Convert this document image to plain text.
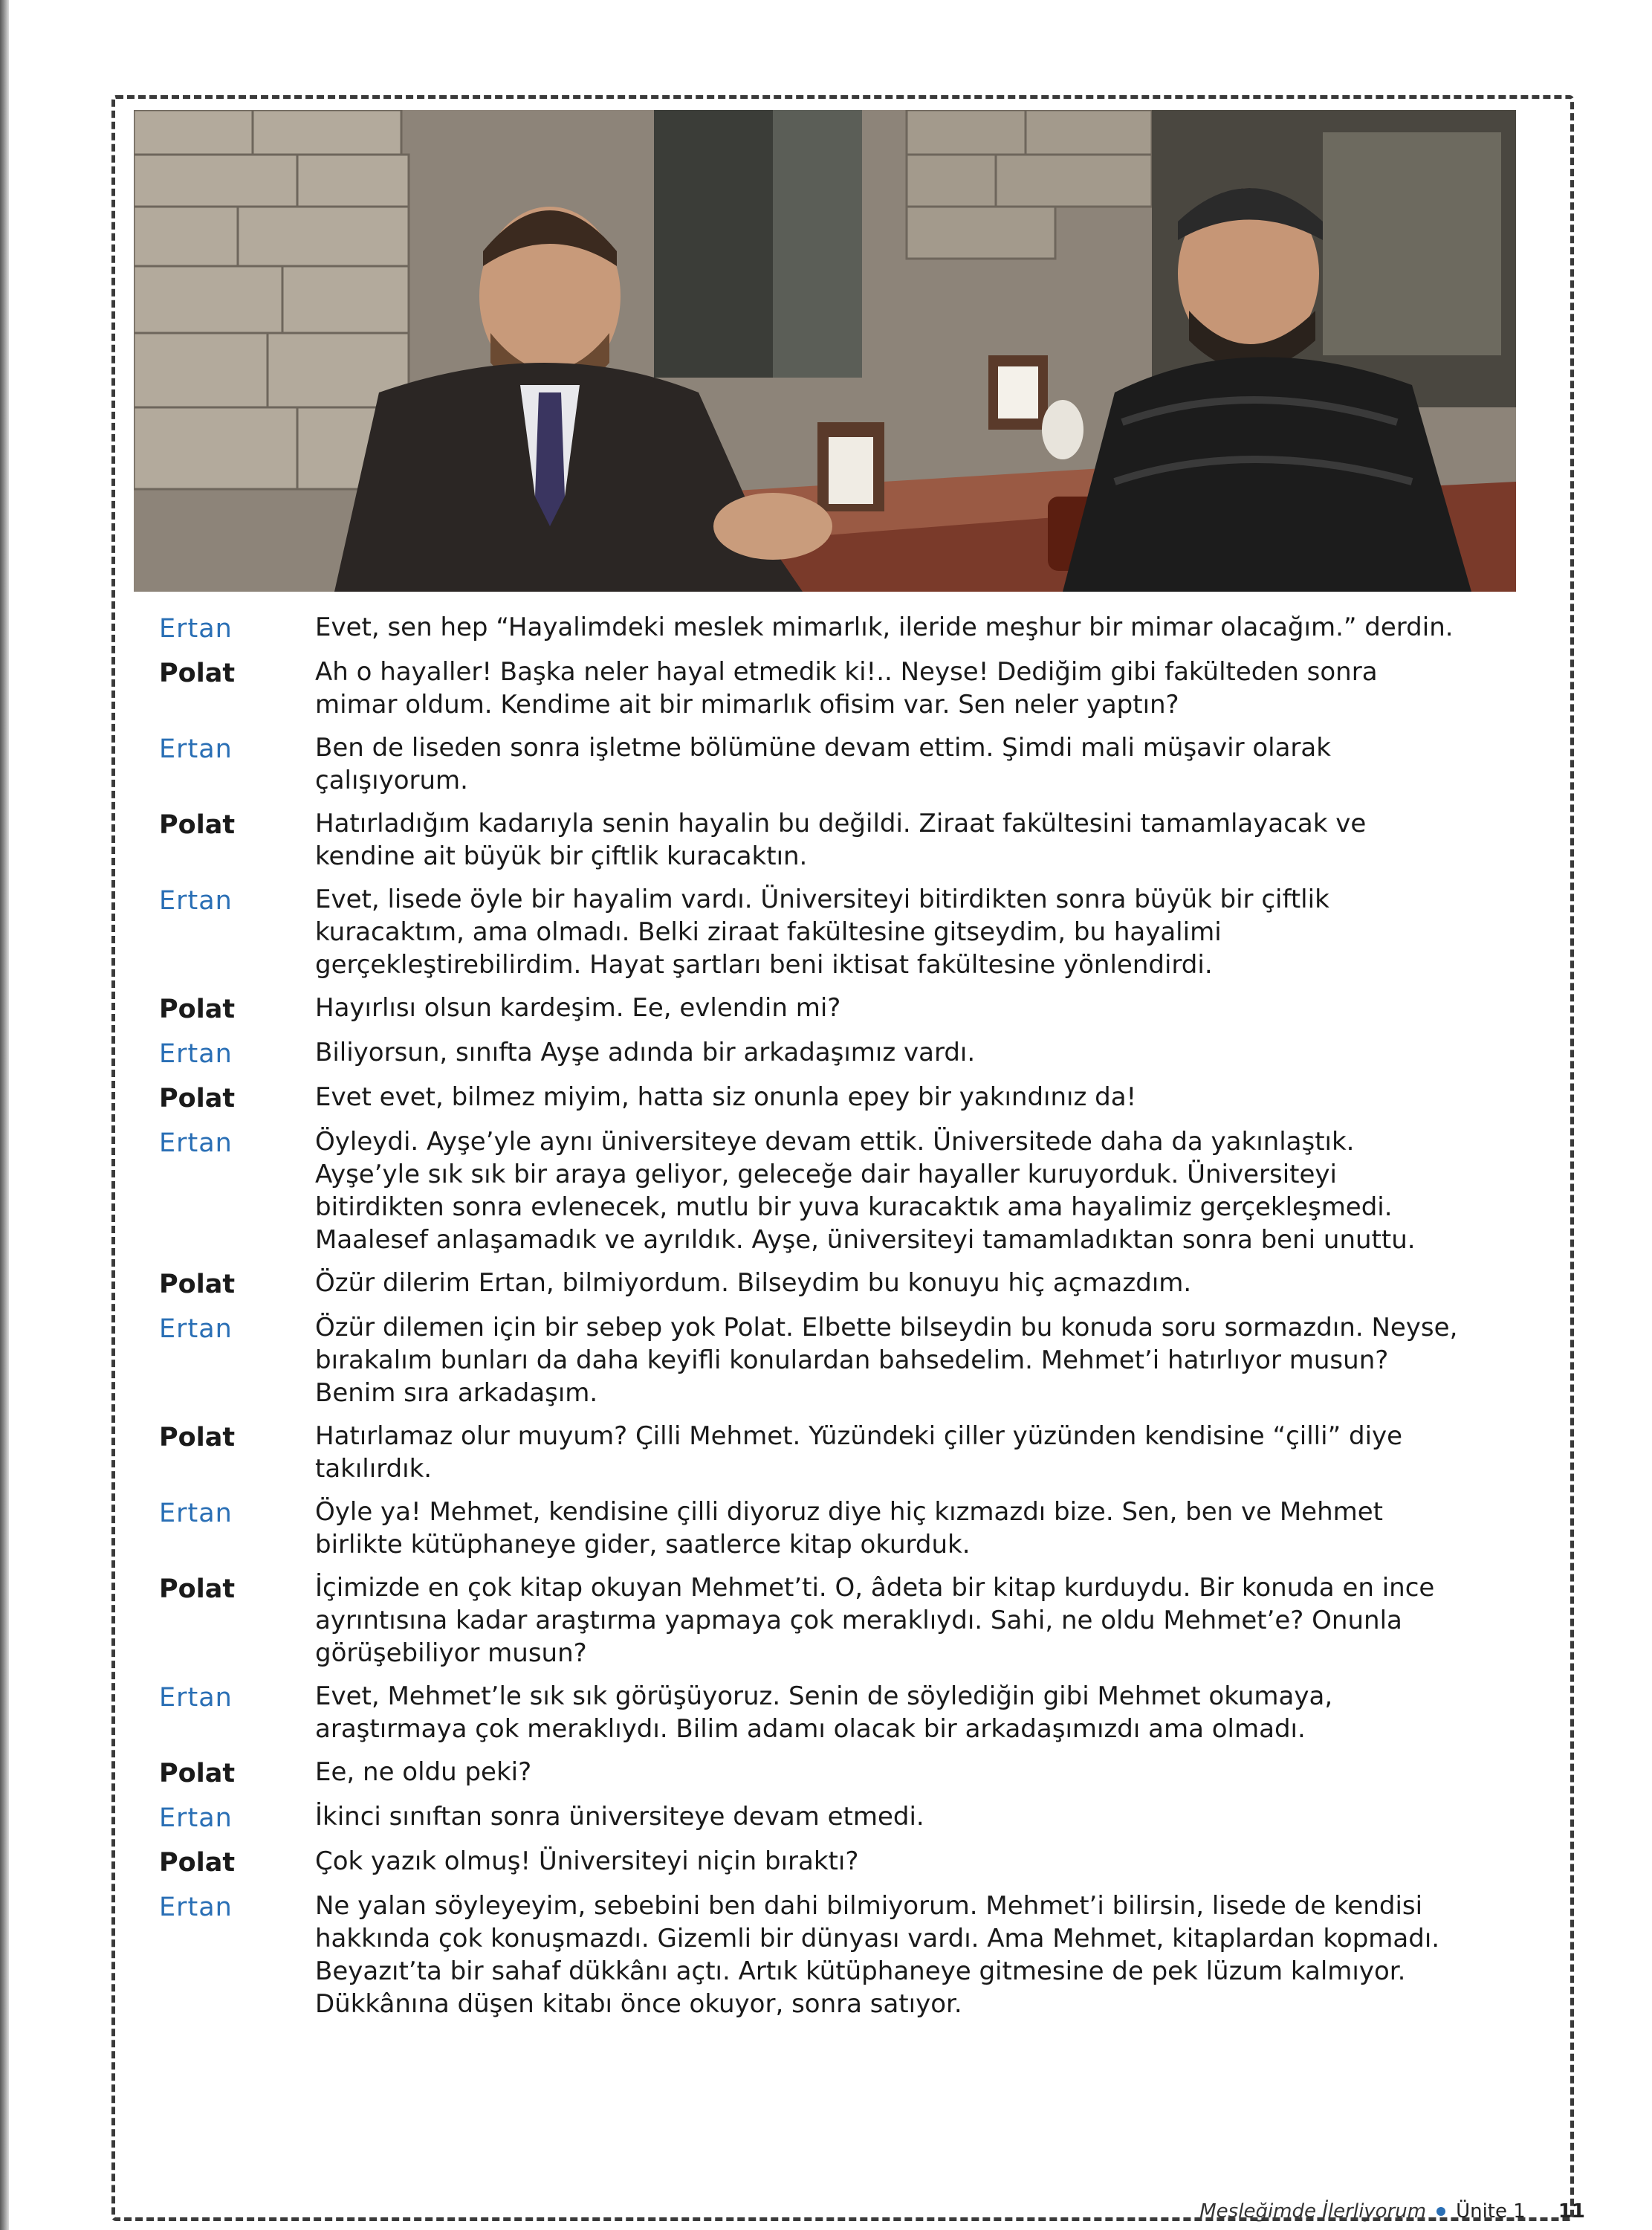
Ertan	Evet, sen hep “Hayalimdeki meslek mimarlık, ileride meşhur bir mimar olacağım.” derdin.
Polat	Ah o hayaller! Başka neler hayal etmedik ki!.. Neyse! Dediğim gibi fakülteden sonra mimar oldum. Kendime ait bir mimarlık ofisim var. Sen neler yaptın?
Ertan	Ben de liseden sonra işletme bölümüne devam ettim. Şimdi mali müşavir olarak çalışıyorum.
Polat	Hatırladığım kadarıyla senin hayalin bu değildi. Ziraat fakültesini tamamlayacak ve kendine ait büyük bir çiftlik kuracaktın.
Ertan	Evet, lisede öyle bir hayalim vardı. Üniversiteyi bitirdikten sonra büyük bir çiftlik kuracaktım, ama olmadı. Belki ziraat fakültesine gitseydim, bu hayalimi gerçekleştirebilirdim. Hayat şartları beni iktisat fakültesine yönlendirdi.
Polat	Hayırlısı olsun kardeşim. Ee, evlendin mi?
Ertan	Biliyorsun, sınıfta Ayşe adında bir arkadaşımız vardı.
Polat	Evet evet, bilmez miyim, hatta siz onunla epey bir yakındınız da!
Ertan	Öyleydi. Ayşe’yle aynı üniversiteye devam ettik. Üniversitede daha da yakınlaştık. Ayşe’yle sık sık bir araya geliyor, geleceğe dair hayaller kuruyorduk. Üniversiteyi bitirdikten sonra evlenecek, mutlu bir yuva kuracaktık ama hayalimiz gerçekleşmedi. Maalesef anlaşamadık ve ayrıldık. Ayşe, üniversiteyi tamamladıktan sonra beni unuttu.
Polat	Özür dilerim Ertan, bilmiyordum. Bilseydim bu konuyu hiç açmazdım.
Ertan	Özür dilemen için bir sebep yok Polat. Elbette bilseydin bu konuda soru sormazdın. Neyse, bırakalım bunları da daha keyifli konulardan bahsedelim. Mehmet’i hatırlıyor musun? Benim sıra arkadaşım.
Polat	Hatırlamaz olur muyum? Çilli Mehmet. Yüzündeki çiller yüzünden kendisine “çilli” diye takılırdık.
Ertan	Öyle ya! Mehmet, kendisine çilli diyoruz diye hiç kızmazdı bize. Sen, ben ve Mehmet birlikte kütüphaneye gider, saatlerce kitap okurduk.
Polat	İçimizde en çok kitap okuyan Mehmet’ti. O, âdeta bir kitap kurduydu. Bir konuda en ince ayrıntısına kadar araştırma yapmaya çok meraklıydı. Sahi, ne oldu Mehmet’e? Onunla görüşebiliyor musun?
Ertan	Evet, Mehmet’le sık sık görüşüyoruz. Senin de söylediğin gibi Mehmet okumaya, araştırmaya çok meraklıydı. Bilim adamı olacak bir arkadaşımızdı ama olmadı.
Polat	Ee, ne oldu peki?
Ertan	İkinci sınıftan sonra üniversiteye devam etmedi.
Polat	Çok yazık olmuş! Üniversiteyi niçin bıraktı?
Ertan	Ne yalan söyleyeyim, sebebini ben dahi bilmiyorum. Mehmet’i bilirsin, lisede de kendisi hakkında çok konuşmazdı. Gizemli bir dünyası vardı. Ama Mehmet, kitaplardan kopmadı. Beyazıt’ta bir sahaf dükkânı açtı. Artık kütüphaneye gitmesine de pek lüzum kalmıyor. Dükkânına düşen kitabı önce okuyor, sonra satıyor.
Mesleğimde İlerliyorum Ünite 1 11
